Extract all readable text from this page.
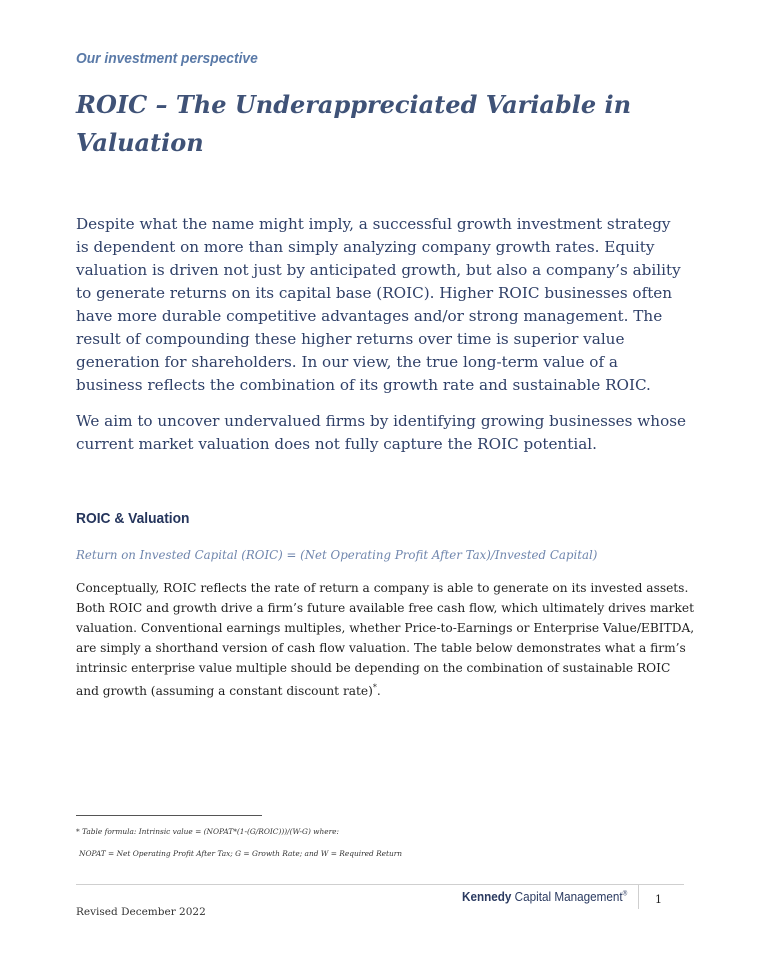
Our investment perspective
ROIC – The Underappreciated Variable in Valuation

Despite what the name might imply, a successful growth investment strategy is dependent on more than simply analyzing company growth rates. Equity valuation is driven not just by anticipated growth, but also a company’s ability to generate returns on its capital base (ROIC). Higher ROIC businesses often have more durable competitive advantages and/or strong management. The result of compounding these higher returns over time is superior value generation for shareholders. In our view, the true long-term value of a business reflects the combination of its growth rate and sustainable ROIC.

We aim to uncover undervalued firms by identifying growing businesses whose current market valuation does not fully capture the ROIC potential.

ROIC & Valuation
Return on Invested Capital (ROIC) = (Net Operating Profit After Tax)/Invested Capital)

Conceptually, ROIC reflects the rate of return a company is able to generate on its invested assets. Both ROIC and growth drive a firm’s future available free cash flow, which ultimately drives market valuation. Conventional earnings multiples, whether Price-to-Earnings or Enterprise Value/EBITDA, are simply a shorthand version of cash flow valuation. The table below demonstrates what a firm’s intrinsic enterprise value multiple should be depending on the combination of sustainable ROIC and growth (assuming a constant discount rate)*.

* Table formula: Intrinsic value = (NOPAT*(1-(G/ROIC)))/(W-G) where:
NOPAT = Net Operating Profit After Tax; G = Growth Rate; and W = Required Return
Revised December 2022
Kennedy Capital Management®	1
